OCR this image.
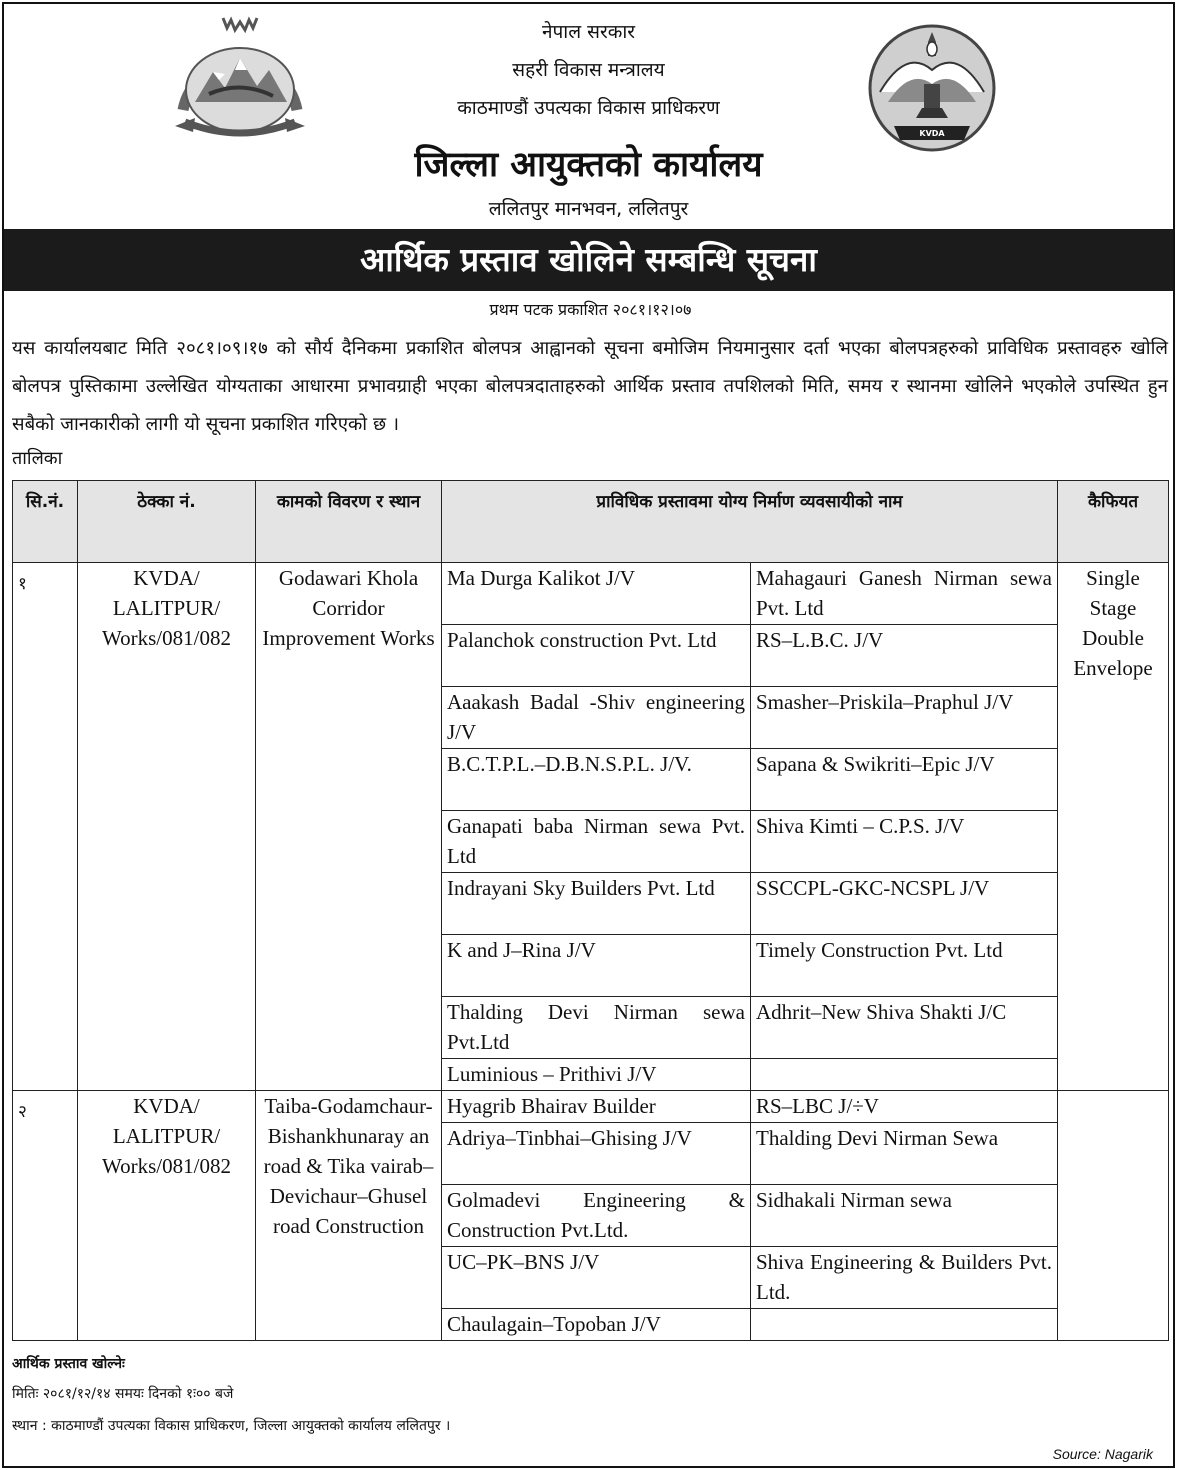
नेपाल सरकार
सहरी विकास मन्त्रालय
काठमाण्डौं उपत्यका विकास प्राधिकरण
जिल्ला आयुक्तको कार्यालय
ललितपुर मानभवन, ललितपुर
KVDA
आर्थिक प्रस्ताव खोलिने सम्बन्धि सूचना
प्रथम पटक प्रकाशित २०८१।१२।०७

यस कार्यालयबाट मिति २०८१।०९।१७ को सौर्य दैनिकमा प्रकाशित बोलपत्र आह्वानको सूचना बमोजिम नियमानुसार दर्ता भएका बोलपत्रहरुको प्राविधिक प्रस्तावहरु खोलि बोलपत्र पुस्तिकामा उल्लेखित योग्यताका आधारमा प्रभावग्राही भएका बोलपत्रदाताहरुको आर्थिक प्रस्ताव तपशिलको मिति, समय र स्थानमा खोलिने भएकोले उपस्थित हुन सबैको जानकारीको लागी यो सूचना प्रकाशित गरिएको छ ।

तालिका
सि.नं.	ठेक्का नं.	कामको विवरण र स्थान	प्राविधिक प्रस्तावमा योग्य निर्माण व्यवसायीको नाम		कैफियत
१	KVDA/ LALITPUR/ Works/081/082	Godawari Khola Corridor Improvement Works	Ma Durga Kalikot J/V	Mahagauri Ganesh Nirman sewa Pvt. Ltd	Single Stage Double Envelope
			Palanchok construction Pvt. Ltd	RS–L.B.C. J/V	
			Aaakash Badal -Shiv engineering J/V	Smasher–Priskila–Praphul J/V	
			B.C.T.P.L.–D.B.N.S.P.L. J/V.	Sapana & Swikriti–Epic J/V	
			Ganapati baba Nirman sewa Pvt. Ltd	Shiva Kimti – C.P.S. J/V	
			Indrayani Sky Builders Pvt. Ltd	SSCCPL-GKC-NCSPL J/V	
			K and J–Rina J/V	Timely Construction Pvt. Ltd	
			Thalding Devi Nirman sewa Pvt.Ltd	Adhrit–New Shiva Shakti J/C	
			Luminious – Prithivi J/V		
२	KVDA/ LALITPUR/ Works/081/082	Taiba-Godamchaur-Bishankhunaray an road & Tika vairab–Devichaur–Ghusel road Construction	Hyagrib Bhairav Builder	RS–LBC J/÷V	
			Adriya–Tinbhai–Ghising J/V	Thalding Devi Nirman Sewa	
			Golmadevi Engineering & Construction Pvt.Ltd.	Sidhakali Nirman sewa	
			UC–PK–BNS J/V	Shiva Engineering & Builders Pvt. Ltd.	
			Chaulagain–Topoban J/V		
आर्थिक प्रस्ताव खोल्नेः
मितिः २०८१/१२/१४ समयः दिनको १ः०० बजे
स्थान : काठमाण्डौं उपत्यका विकास प्राधिकरण, जिल्ला आयुक्तको कार्यालय ललितपुर ।
Source: Nagarik
